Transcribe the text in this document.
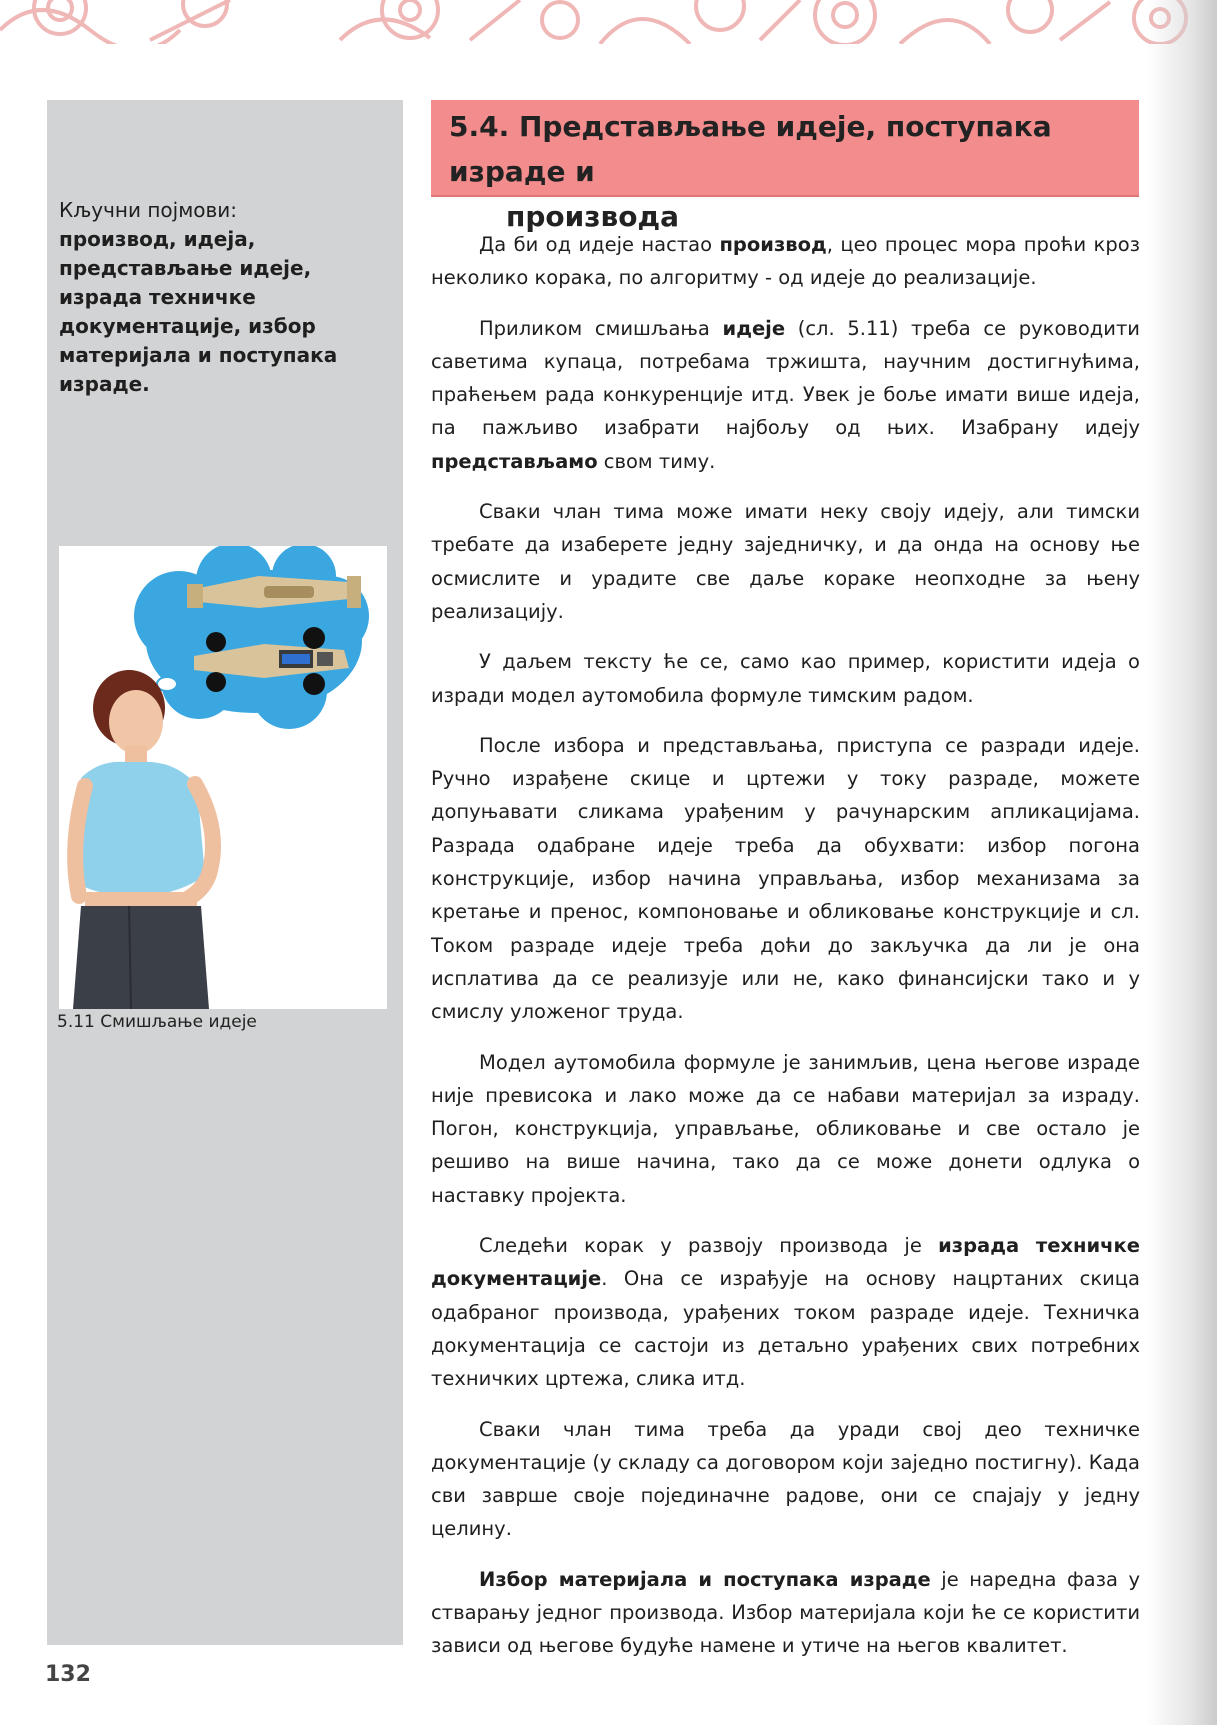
Кључни појмови:
производ, идеја, представљање идеје, израда техничке документације, избор материјала и поступака израде.
5.11 Смишљање идеје
5.4. Представљање идеје, поступака израде и
производа

Да би од идеје настао производ, цео процес мора проћи кроз неколико корака, по алгоритму - од идеје до реализације.

Приликом смишљања идеје (сл. 5.11) треба се руководити саветима купаца, потребама тржишта, научним достигнућима, праћењем рада конкуренције итд. Увек је боље имати више идеја, па пажљиво изабрати најбољу од њих. Изабрану идеју представљамо свом тиму.

Сваки члан тима може имати неку своју идеју, али тимски требате да изаберете једну заједничку, и да онда на основу ње осмислите и урадите све даље кораке неопходне за њену реализацију.

У даљем тексту ће се, само као пример, користити идеја о изради модел аутомобила формуле тимским радом.

После избора и представљања, приступа се разради идеје. Ручно израђене скице и цртежи у току разраде, можете допуњавати сликама урађеним у рачунарским апликацијама. Разрада одабране идеје треба да обухвати: избор погона конструкције, избор начина управљања, избор механизама за кретање и пренос, компоновање и обликовање конструкције и сл. Током разраде идеје треба доћи до закључка да ли је она исплатива да се реализује или не, како финансијски тако и у смислу уложеног труда.

Модел аутомобила формуле је занимљив, цена његове израде није превисока и лако може да се набави материјал за израду. Погон, конструкција, управљање, обликовање и све остало је решиво на више начина, тако да се може донети одлука о наставку пројекта.

Следећи корак у развоју производа је израда техничке документације. Она се израђује на основу нацртаних скица одабраног производа, урађених током разраде идеје. Техничка документација се састоји из детаљно урађених свих потребних техничких цртежа, слика итд.

Сваки члан тима треба да уради свој део техничке документације (у складу са договором који заједно постигну). Када сви заврше своје појединачне радове, они се спајају у једну целину.

Избор материјала и поступака израде је наредна фаза у стварању једног производа. Избор материјала који ће се користити зависи од његове будуће намене и утиче на његов квалитет.

132
